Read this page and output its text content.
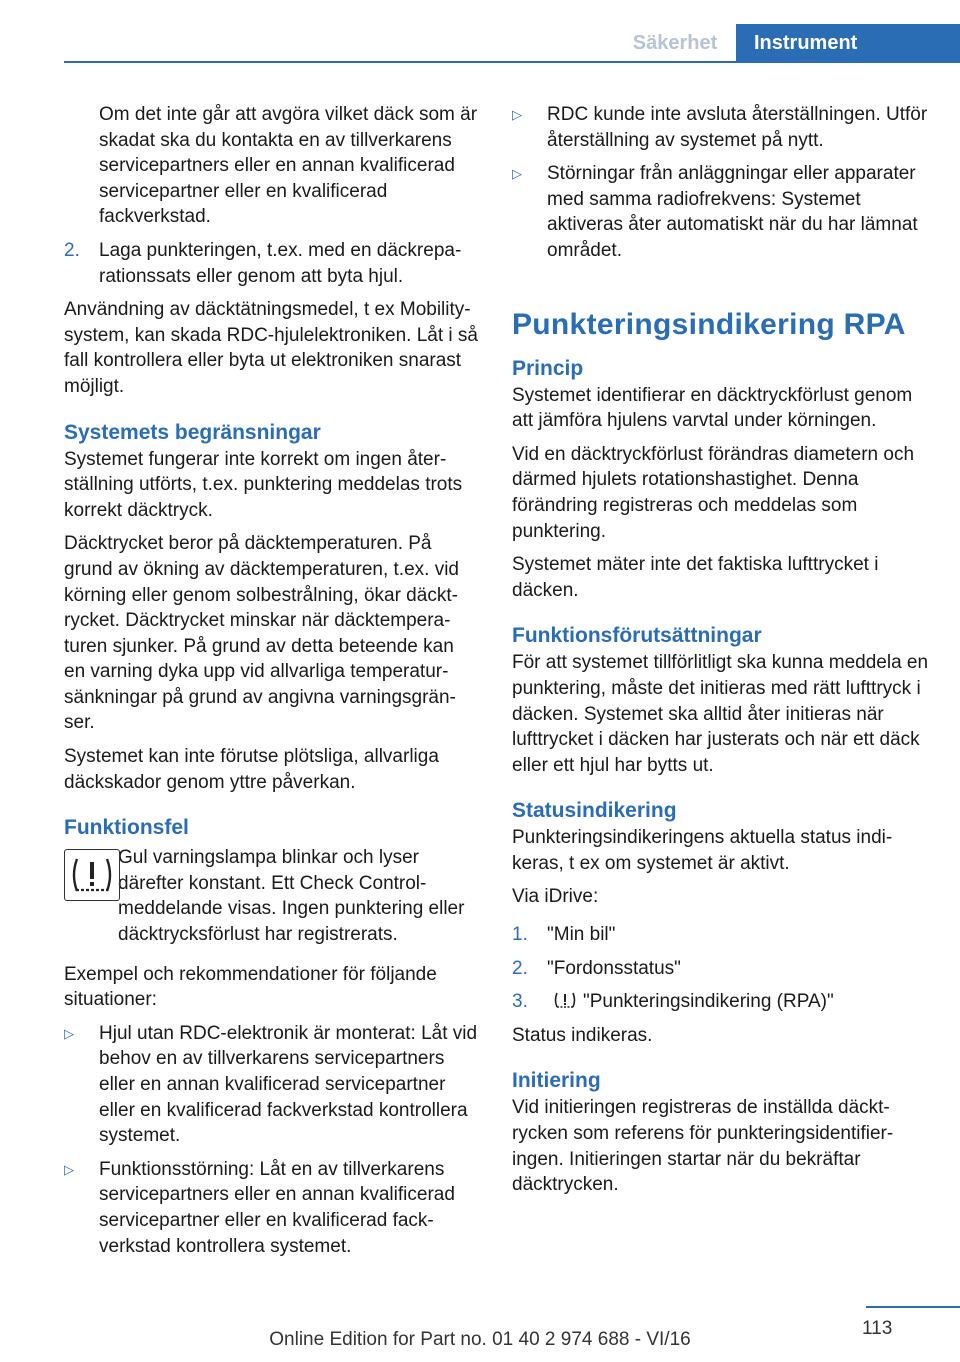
Säkerhet	Instrument

Om det inte går att avgöra vilket däck som är skadat ska du kontakta en av tillverkarens servicepartners eller en annan kvalificerad servicepartner eller en kvalificerad fackverkstad.

2. Laga punkteringen, t.ex. med en däckreparationssats eller genom att byta hjul.

Användning av däcktätningsmedel, t ex Mobility-system, kan skada RDC-hjulelektroniken. Låt i så fall kontrollera eller byta ut elektroniken snarast möjligt.

Systemets begränsningar

Systemet fungerar inte korrekt om ingen återställning utförts, t.ex. punktering meddelas trots korrekt däcktryck.

Däcktrycket beror på däcktemperaturen. På grund av ökning av däcktemperaturen, t.ex. vid körning eller genom solbestrålning, ökar däcktrycket. Däcktrycket minskar när däcktemperaturen sjunker. På grund av detta beteende kan en varning dyka upp vid allvarliga temperatursänkningar på grund av angivna varningsgränser.

Systemet kan inte förutse plötsliga, allvarliga däckskador genom yttre påverkan.

Funktionsfel

Gul varningslampa blinkar och lyser därefter konstant. Ett Check Control-meddelande visas. Ingen punktering eller däcktrycksförlust har registrerats.

Exempel och rekommendationer för följande situationer:

▷ Hjul utan RDC-elektronik är monterat: Låt vid behov en av tillverkarens servicepartners eller en annan kvalificerad servicepartner eller en kvalificerad fackverkstad kontrollera systemet.
▷ Funktionsstörning: Låt en av tillverkarens servicepartners eller en annan kvalificerad servicepartner eller en kvalificerad fackverkstad kontrollera systemet.
▷ RDC kunde inte avsluta återställningen. Utför återställning av systemet på nytt.
▷ Störningar från anläggningar eller apparater med samma radiofrekvens: Systemet aktiveras åter automatiskt när du har lämnat området.
Punkteringsindikering RPA
Princip

Systemet identifierar en däcktryckförlust genom att jämföra hjulens varvtal under körningen.

Vid en däcktryckförlust förändras diametern och därmed hjulets rotationshastighet. Denna förändring registreras och meddelas som punktering.

Systemet mäter inte det faktiska lufttrycket i däcken.

Funktionsförutsättningar

För att systemet tillförlitligt ska kunna meddela en punktering, måste det initieras med rätt lufttryck i däcken. Systemet ska alltid åter initieras när lufttrycket i däcken har justerats och när ett däck eller ett hjul har bytts ut.

Statusindikering

Punkteringsindikeringens aktuella status indikeras, t ex om systemet är aktivt.

Via iDrive:

1. "Min bil"
2. "Fordonsstatus"
3.	"Punkteringsindikering (RPA)"

Status indikeras.

Initiering

Vid initieringen registreras de inställda däcktrycken som referens för punkteringsidentifieringen. Initieringen startar när du bekräftar däcktrycken.

113
Online Edition for Part no. 01 40 2 974 688 - VI/16
